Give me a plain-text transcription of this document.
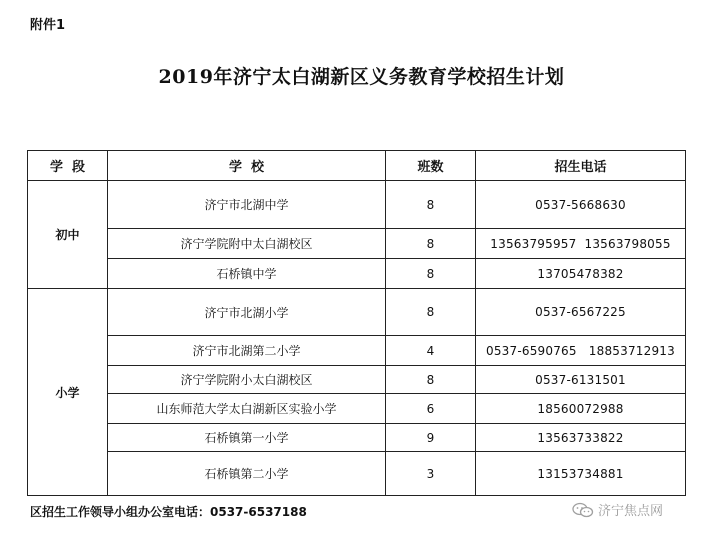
附件1
2019年济宁太白湖新区义务教育学校招生计划
学  段	学  校	班数	招生电话
初中	济宁市北湖中学	8	0537-5668630
	济宁学院附中太白湖校区	8	13563795957  13563798055
	石桥镇中学	8	13705478382
小学	济宁市北湖小学	8	0537-6567225
	济宁市北湖第二小学	4	0537-6590765   18853712913
	济宁学院附小太白湖校区	8	0537-6131501
	山东师范大学太白湖新区实验小学	6	18560072988
	石桥镇第一小学	9	13563733822
	石桥镇第二小学	3	13153734881
区招生工作领导小组办公室电话：0537-6537188	济宁焦点网
